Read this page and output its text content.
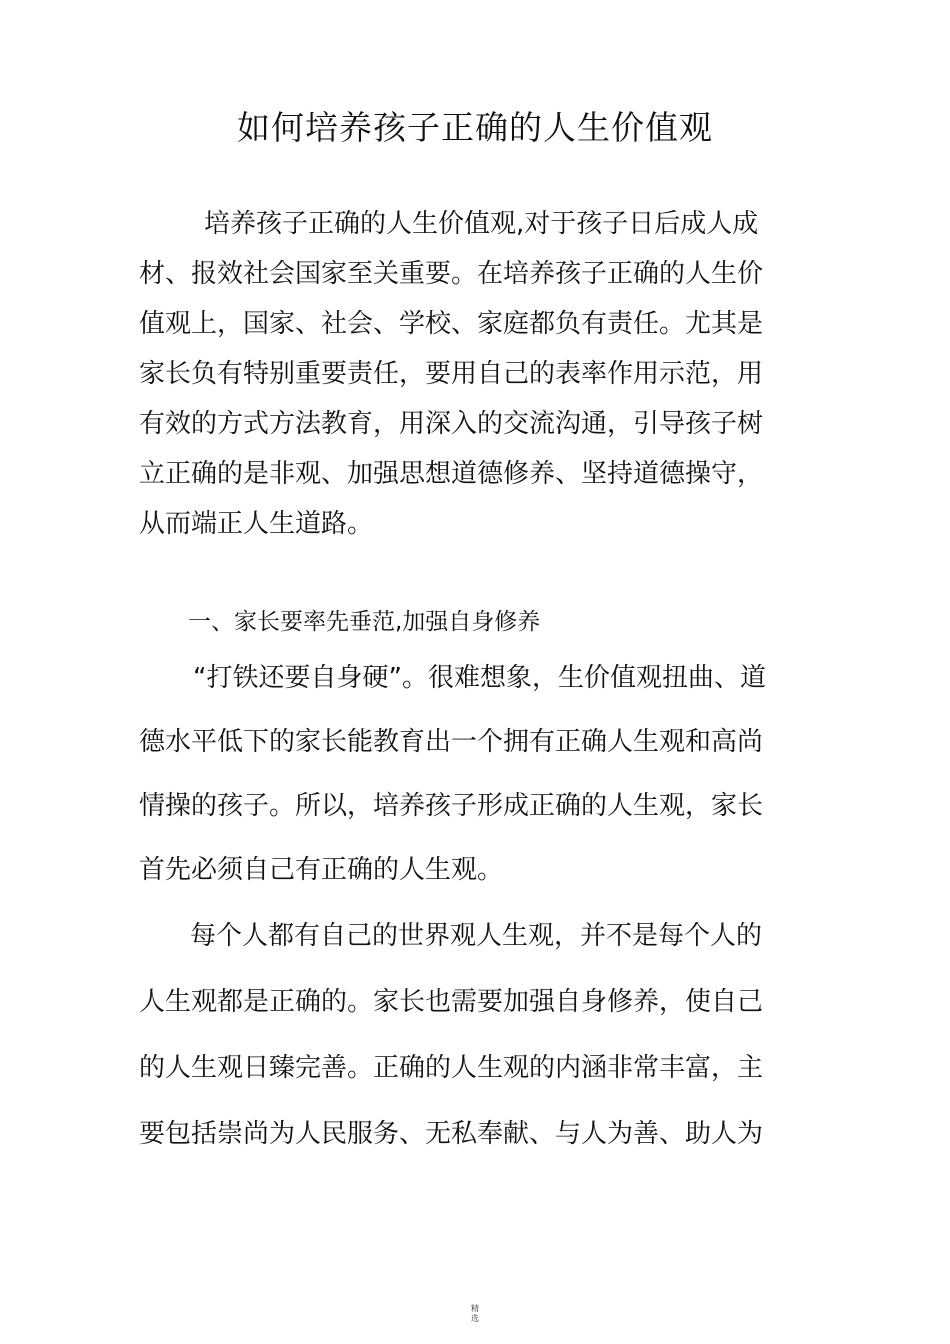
如何培养孩子正确的人生价值观

培养孩子正确的人生价值观,对于孩子日后成人成

材、报效社会国家至关重要。在培养孩子正确的人生价

值观上，国家、社会、学校、家庭都负有责任。尤其是

家长负有特别重要责任，要用自己的表率作用示范，用

有效的方式方法教育，用深入的交流沟通，引导孩子树

立正确的是非观、加强思想道德修养、坚持道德操守，

从而端正人生道路。

一、家长要率先垂范,加强自身修养

“打铁还要自身硬”。很难想象，生价值观扭曲、道

德水平低下的家长能教育出一个拥有正确人生观和高尚

情操的孩子。所以，培养孩子形成正确的人生观，家长

首先必须自己有正确的人生观。

每个人都有自己的世界观人生观，并不是每个人的

人生观都是正确的。家长也需要加强自身修养，使自己

的人生观日臻完善。正确的人生观的内涵非常丰富，主

要包括崇尚为人民服务、无私奉献、与人为善、助人为

精
选
